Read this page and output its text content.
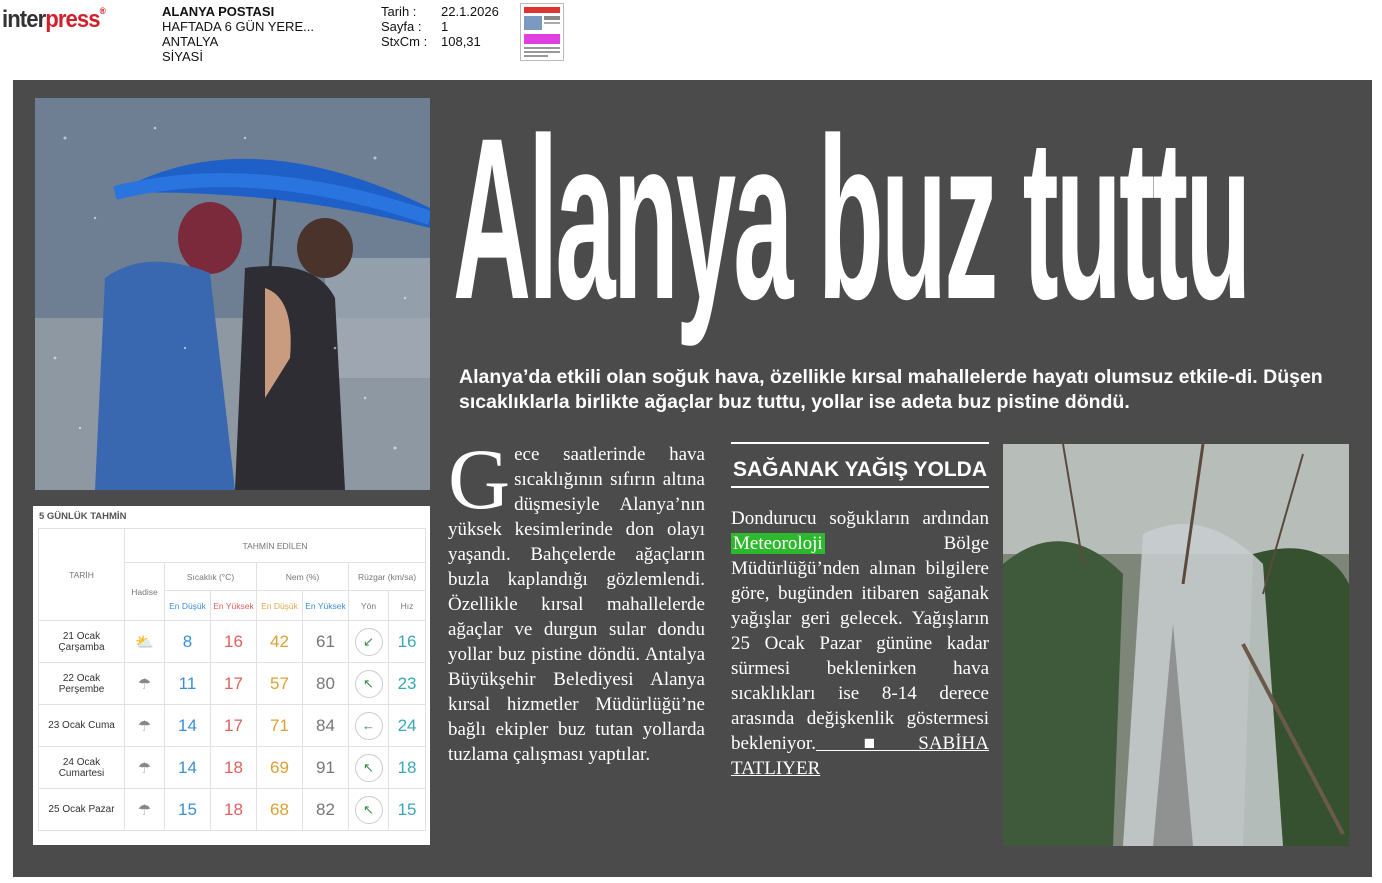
interpress®	ALANYA POSTASI
HAFTADA 6 GÜN YERE...
ANTALYA
SİYASİ
Tarih :	22.1.2026
Sayfa :	1
StxCm :	108,31
Alanya buz tuttu
Alanya’da etkili olan soğuk hava, özellikle kırsal mahallelerde hayatı olumsuz etkile-di. Düşen sıcaklıklarla birlikte ağaçlar buz tuttu, yollar ise adeta buz pistine döndü.
Gece saatlerinde hava sıcaklığının sıfırın altına düşmesiyle Alanya’nın yüksek kesimlerinde don olayı yaşandı. Bahçelerde ağaçların buzla kaplandığı gözlemlendi. Özellikle kırsal mahallelerde ağaçlar ve durgun sular dondu yollar buz pistine döndü. Antalya Büyükşehir Belediyesi Alanya kırsal hizmetler Müdürlüğü’ne bağlı ekipler buz tutan yollarda tuzlama çalışması yaptılar.
SAĞANAK YAĞIŞ YOLDA
Dondurucu soğukların ardından Meteoroloji Bölge Müdürlüğü’nden alınan bilgilere göre, bugünden itibaren sağanak yağışlar geri gelecek. Yağışların 25 Ocak Pazar gününe kadar sürmesi beklenirken hava sıcaklıkları ise 8-14 derece arasında değişkenlik göstermesi bekleniyor. ■SABİHA TATLIYER
5 GÜNLÜK TAHMİN
TARİH	TAHMİN EDİLEN						
	Hadise	Sıcaklık (°C)		Nem (%)		Rüzgar (km/sa)	
		En Düşük	En Yüksek	En Düşük	En Yüksek	Yön	Hız
21 Ocak Çarşamba	⛅	8	16	42	61	↙	16
22 Ocak Perşembe	☂	11	17	57	80	↖	23
23 Ocak Cuma	☂	14	17	71	84	←	24
24 Ocak Cumartesi	☂	14	18	69	91	↖	18
25 Ocak Pazar	☂	15	18	68	82	↖	15
